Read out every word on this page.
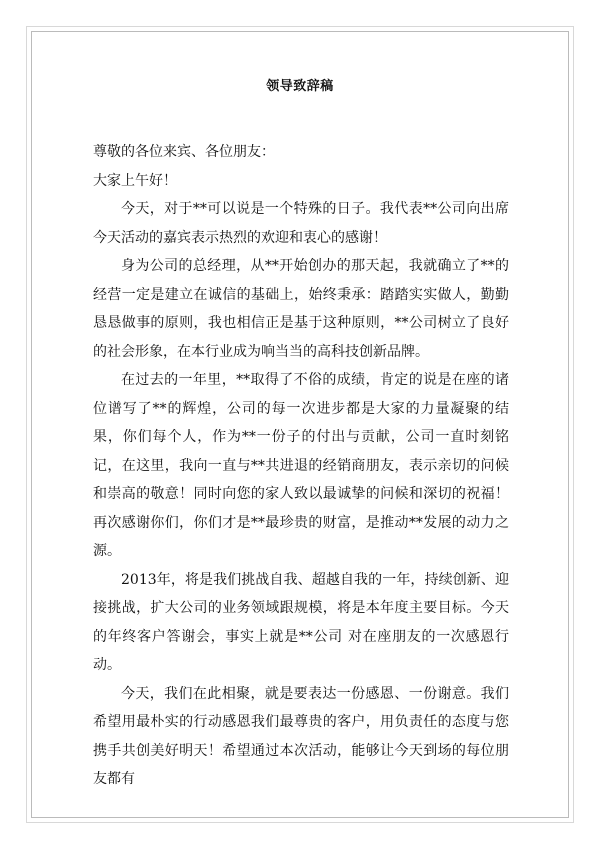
领导致辞稿

尊敬的各位来宾、各位朋友：

大家上午好！

今天，对于**可以说是一个特殊的日子。我代表**公司向出席今天活动的嘉宾表示热烈的欢迎和衷心的感谢！

身为公司的总经理，从**开始创办的那天起，我就确立了**的经营一定是建立在诚信的基础上，始终秉承：踏踏实实做人，勤勤恳恳做事的原则，我也相信正是基于这种原则，**公司树立了良好的社会形象，在本行业成为响当当的高科技创新品牌。

在过去的一年里，**取得了不俗的成绩，肯定的说是在座的诸位谱写了**的辉煌，公司的每一次进步都是大家的力量凝聚的结果，你们每个人，作为**一份子的付出与贡献，公司一直时刻铭记，在这里，我向一直与**共进退的经销商朋友，表示亲切的问候和崇高的敬意！同时向您的家人致以最诚挚的问候和深切的祝福！再次感谢你们，你们才是**最珍贵的财富，是推动**发展的动力之源。

2013年，将是我们挑战自我、超越自我的一年，持续创新、迎接挑战，扩大公司的业务领域跟规模，将是本年度主要目标。今天的年终客户答谢会，事实上就是**公司 对在座朋友的一次感恩行动。

今天，我们在此相聚，就是要表达一份感恩、一份谢意。我们希望用最朴实的行动感恩我们最尊贵的客户，用负责任的态度与您携手共创美好明天！希望通过本次活动，能够让今天到场的每位朋友都有
